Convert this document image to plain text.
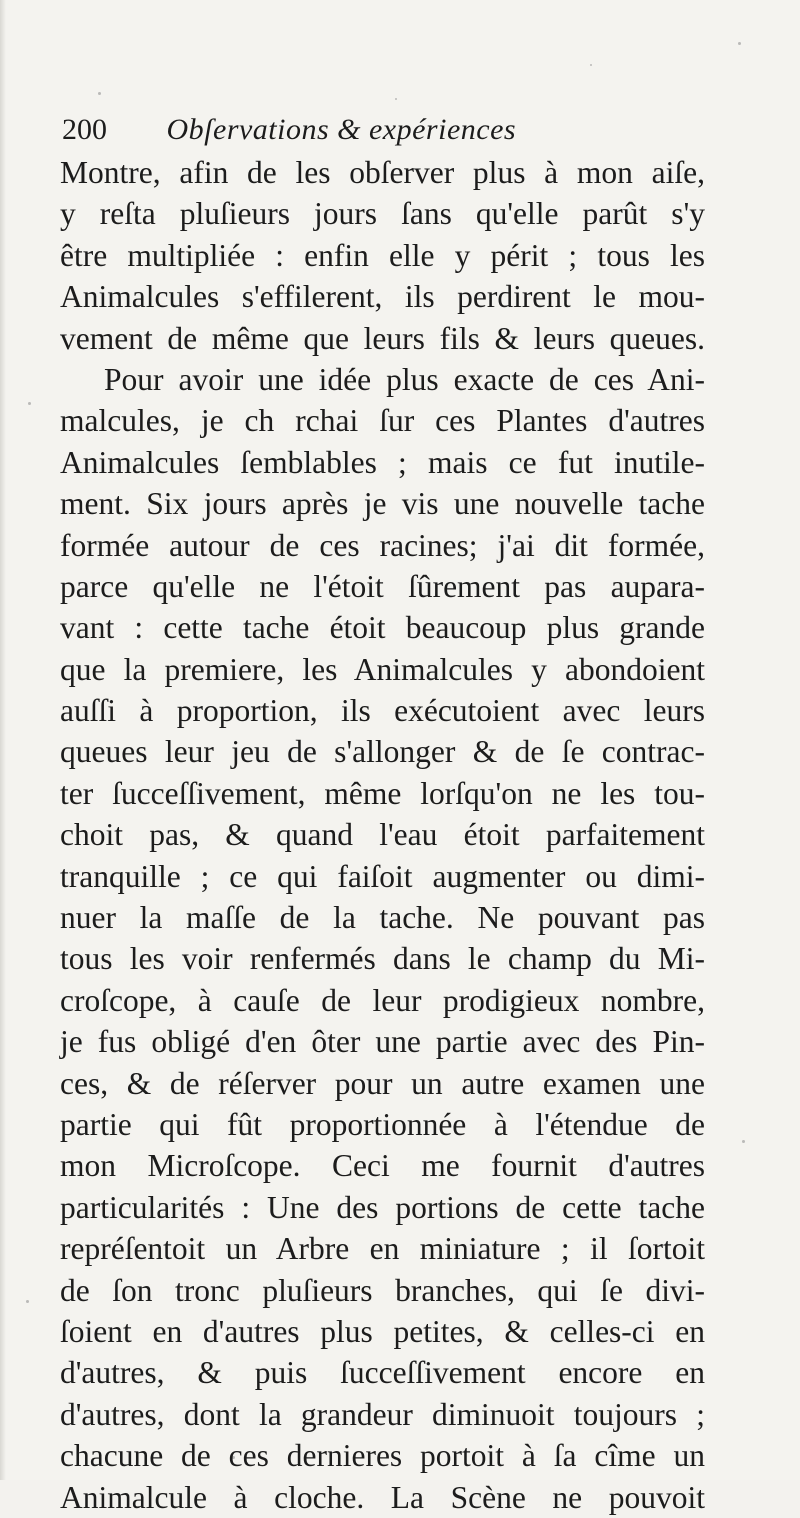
200 Obſervations & expériences
Montre, afin de les obſerver plus à mon aiſe,
y reſta pluſieurs jours ſans qu'elle parût s'y
être multipliée : enfin elle y périt ; tous les
Animalcules s'effilerent, ils perdirent le mou-
vement de même que leurs fils & leurs queues.
Pour avoir une idée plus exacte de ces Ani-
malcules, je ch rchai ſur ces Plantes d'autres
Animalcules ſemblables ; mais ce fut inutile-
ment. Six jours après je vis une nouvelle tache
formée autour de ces racines; j'ai dit formée,
parce qu'elle ne l'étoit ſûrement pas aupara-
vant : cette tache étoit beaucoup plus grande
que la premiere, les Animalcules y abondoient
auſſi à proportion, ils exécutoient avec leurs
queues leur jeu de s'allonger & de ſe contrac-
ter ſucceſſivement, même lorſqu'on ne les tou-
choit pas, & quand l'eau étoit parfaitement
tranquille ; ce qui faiſoit augmenter ou dimi-
nuer la maſſe de la tache. Ne pouvant pas
tous les voir renfermés dans le champ du Mi-
croſcope, à cauſe de leur prodigieux nombre,
je fus obligé d'en ôter une partie avec des Pin-
ces, & de réſerver pour un autre examen une
partie qui fût proportionnée à l'étendue de
mon Microſcope. Ceci me fournit d'autres
particularités : Une des portions de cette tache
repréſentoit un Arbre en miniature ; il ſortoit
de ſon tronc pluſieurs branches, qui ſe divi-
ſoient en d'autres plus petites, & celles-ci en
d'autres, & puis ſucceſſivement encore en
d'autres, dont la grandeur diminuoit toujours ;
chacune de ces dernieres portoit à ſa cîme un
Animalcule à cloche. La Scène ne pouvoit
